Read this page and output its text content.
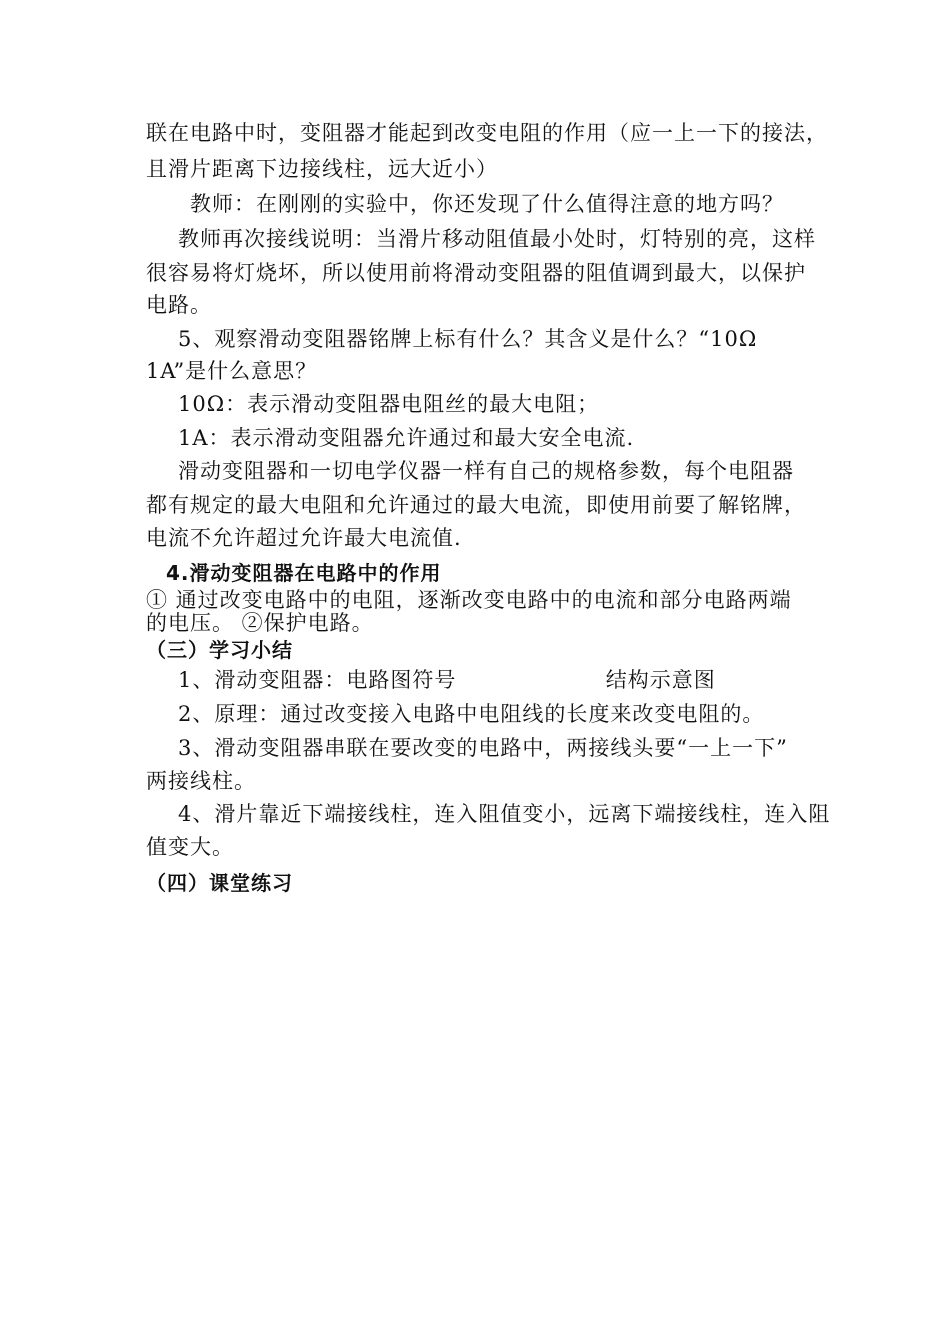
联在电路中时，变阻器才能起到改变电阻的作用（应一上一下的接法，
且滑片距离下边接线柱，远大近小）
教师：在刚刚的实验中，你还发现了什么值得注意的地方吗？
教师再次接线说明：当滑片移动阻值最小处时，灯特别的亮，这样
很容易将灯烧坏，所以使用前将滑动变阻器的阻值调到最大，以保护
电路。
5、观察滑动变阻器铭牌上标有什么？其含义是什么？“10Ω
1A”是什么意思？
10Ω：表示滑动变阻器电阻丝的最大电阻；
1A：表示滑动变阻器允许通过和最大安全电流.
滑动变阻器和一切电学仪器一样有自己的规格参数，每个电阻器
都有规定的最大电阻和允许通过的最大电流，即使用前要了解铭牌，
电流不允许超过允许最大电流值.
4.滑动变阻器在电路中的作用
① 通过改变电路中的电阻，逐渐改变电路中的电流和部分电路两端
的电压。 ②保护电路。
（三）学习小结
1、滑动变阻器：电路图符号	结构示意图
2、原理：通过改变接入电路中电阻线的长度来改变电阻的。
3、滑动变阻器串联在要改变的电路中，两接线头要“一上一下”
两接线柱。
4、滑片靠近下端接线柱，连入阻值变小，远离下端接线柱，连入阻
值变大。
（四）课堂练习
